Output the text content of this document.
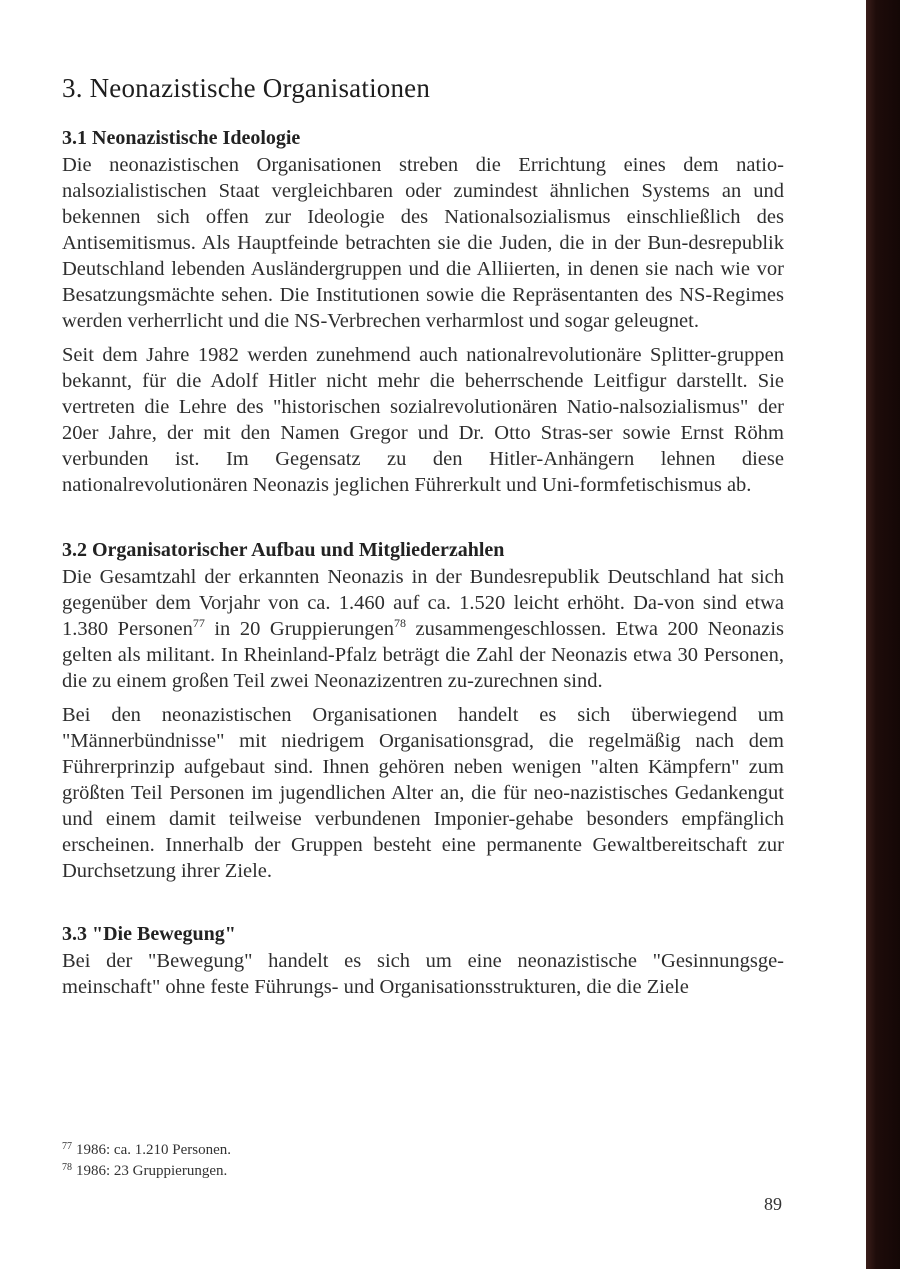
3. Neonazistische Organisationen
3.1 Neonazistische Ideologie

Die neonazistischen Organisationen streben die Errichtung eines dem natio-nalsozialistischen Staat vergleichbaren oder zumindest ähnlichen Systems an und bekennen sich offen zur Ideologie des Nationalsozialismus einschließlich des Antisemitismus. Als Hauptfeinde betrachten sie die Juden, die in der Bun-desrepublik Deutschland lebenden Ausländergruppen und die Alliierten, in denen sie nach wie vor Besatzungsmächte sehen. Die Institutionen sowie die Repräsentanten des NS-Regimes werden verherrlicht und die NS-Verbrechen verharmlost und sogar geleugnet.

Seit dem Jahre 1982 werden zunehmend auch nationalrevolutionäre Splitter-gruppen bekannt, für die Adolf Hitler nicht mehr die beherrschende Leitfigur darstellt. Sie vertreten die Lehre des "historischen sozialrevolutionären Natio-nalsozialismus" der 20er Jahre, der mit den Namen Gregor und Dr. Otto Stras-ser sowie Ernst Röhm verbunden ist. Im Gegensatz zu den Hitler-Anhängern lehnen diese nationalrevolutionären Neonazis jeglichen Führerkult und Uni-formfetischismus ab.

3.2 Organisatorischer Aufbau und Mitgliederzahlen

Die Gesamtzahl der erkannten Neonazis in der Bundesrepublik Deutschland hat sich gegenüber dem Vorjahr von ca. 1.460 auf ca. 1.520 leicht erhöht. Da-von sind etwa 1.380 Personen$^{77}$ in 20 Gruppierungen$^{78}$ zusammengeschlossen. Etwa 200 Neonazis gelten als militant. In Rheinland-Pfalz beträgt die Zahl der Neonazis etwa 30 Personen, die zu einem großen Teil zwei Neonazizentren zu-zurechnen sind.

Bei den neonazistischen Organisationen handelt es sich überwiegend um "Männerbündnisse" mit niedrigem Organisationsgrad, die regelmäßig nach dem Führerprinzip aufgebaut sind. Ihnen gehören neben wenigen "alten Kämpfern" zum größten Teil Personen im jugendlichen Alter an, die für neo-nazistisches Gedankengut und einem damit teilweise verbundenen Imponier-gehabe besonders empfänglich erscheinen. Innerhalb der Gruppen besteht eine permanente Gewaltbereitschaft zur Durchsetzung ihrer Ziele.

3.3 "Die Bewegung"

Bei der "Bewegung" handelt es sich um eine neonazistische "Gesinnungsge-meinschaft" ohne feste Führungs- und Organisationsstrukturen, die die Ziele

$^{77}$ 1986: ca. 1.210 Personen.
$^{78}$ 1986: 23 Gruppierungen.
89
